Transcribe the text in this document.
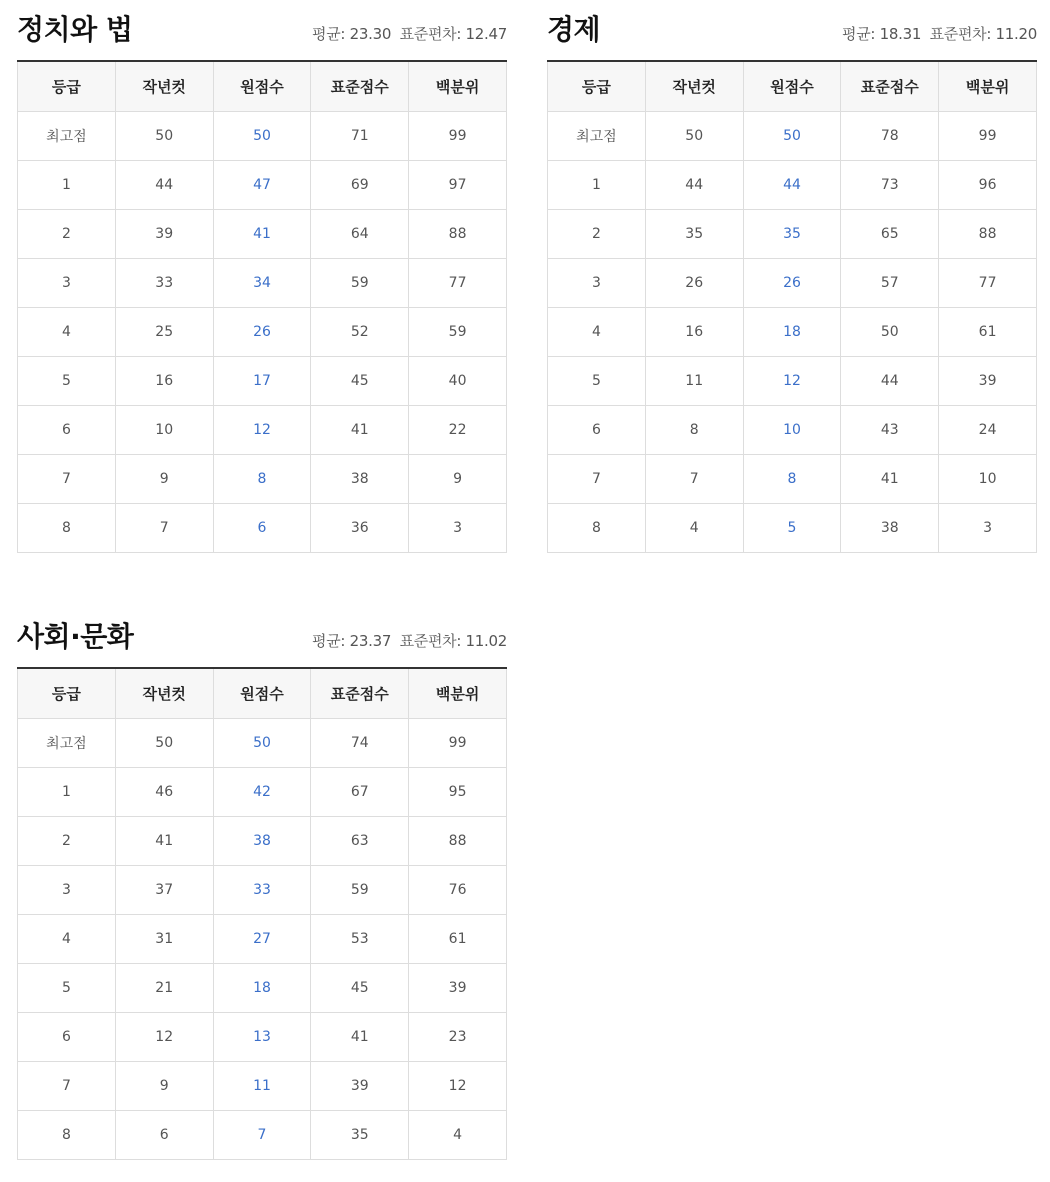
정치와 법	평균: 23.30 표준편차: 12.47
등급	작년컷	원점수	표준점수	백분위
최고점	50	50	71	99
1	44	47	69	97
2	39	41	64	88
3	33	34	59	77
4	25	26	52	59
5	16	17	45	40
6	10	12	41	22
7	9	8	38	9
8	7	6	36	3
경제	평균: 18.31 표준편차: 11.20
등급	작년컷	원점수	표준점수	백분위
최고점	50	50	78	99
1	44	44	73	96
2	35	35	65	88
3	26	26	57	77
4	16	18	50	61
5	11	12	44	39
6	8	10	43	24
7	7	8	41	10
8	4	5	38	3
사회·문화	평균: 23.37 표준편차: 11.02
등급	작년컷	원점수	표준점수	백분위
최고점	50	50	74	99
1	46	42	67	95
2	41	38	63	88
3	37	33	59	76
4	31	27	53	61
5	21	18	45	39
6	12	13	41	23
7	9	11	39	12
8	6	7	35	4
